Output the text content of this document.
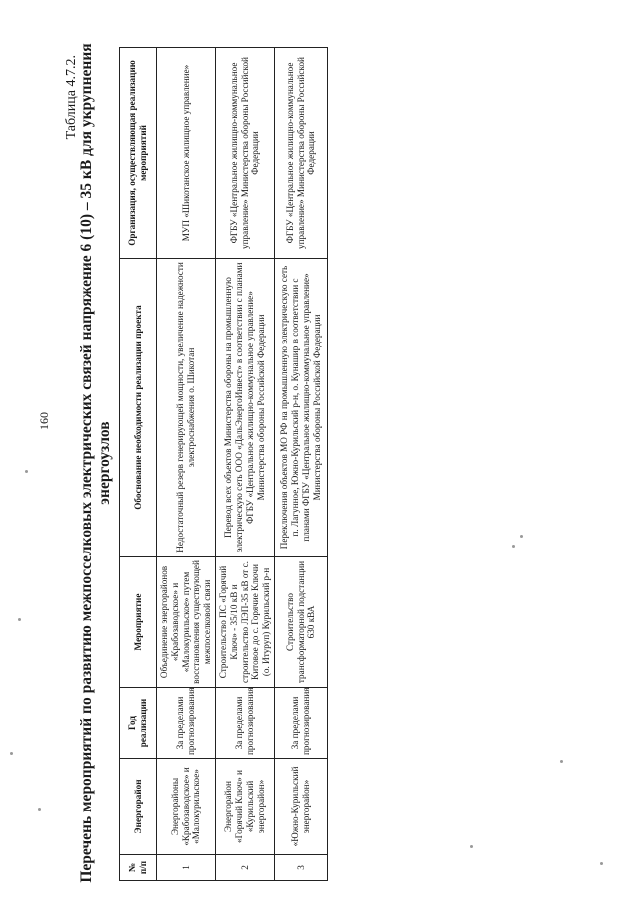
160
Таблица 4.7.2. Перечень мероприятий по развитию межпосселковых электрических связей напряжение 6 (10) – 35 кВ для укрупнения энергоузлов
№ п/п	Энергорайон	Год реализации	Мероприятие	Обоснование необходимости реализации проекта	Организация, осуществляющая реализацию мероприятий
1	Энергорайоны «Крабозаводское» и «Малокурильское»	За пределами прогнозирования	Объединение энергорайонов «Крабозаводское» и «Малокурильское» путем восстановления существующей межпоселковой связи	Недостаточный резерв генерирующей мощности, увеличение надежности электроснабжения о. Шикотан	МУП «Шикотанское жилищное управление»
2	Энергорайон «Горячий Ключ» и «Курильский энергорайон»	За пределами прогнозирования	Строительство ПС «Горячий Ключ» - 35/10 кВ и строительство ЛЭП-35 кВ от с. Китовое до с. Горячие Ключи (о. Итуруп) Курильский р-н	Перевод всех объектов Министерства обороны на промышленную электрическую сеть ООО «ДальЭнергоИнвест» в соответствии с планами ФГБУ «Центральное жилищно-коммунальное управление» Министерства обороны Российской Федерации	ФГБУ «Центральное жилищно-коммунальное управление» Министерства обороны Российской Федерации
3	«Южно-Курильский энергорайон»	За пределами прогнозирования	Строительство трансформаторной подстанции 630 кВА	Переключения объектов МО РФ на промышленную электрическую сеть п. Лагунное, Южно-Курильский р-н, о. Кунашир в соответствии с планами ФГБУ «Центральное жилищно-коммунальное управление» Министерства обороны Российской Федерации	ФГБУ «Центральное жилищно-коммунальное управление» Министерства обороны Российской Федерации
